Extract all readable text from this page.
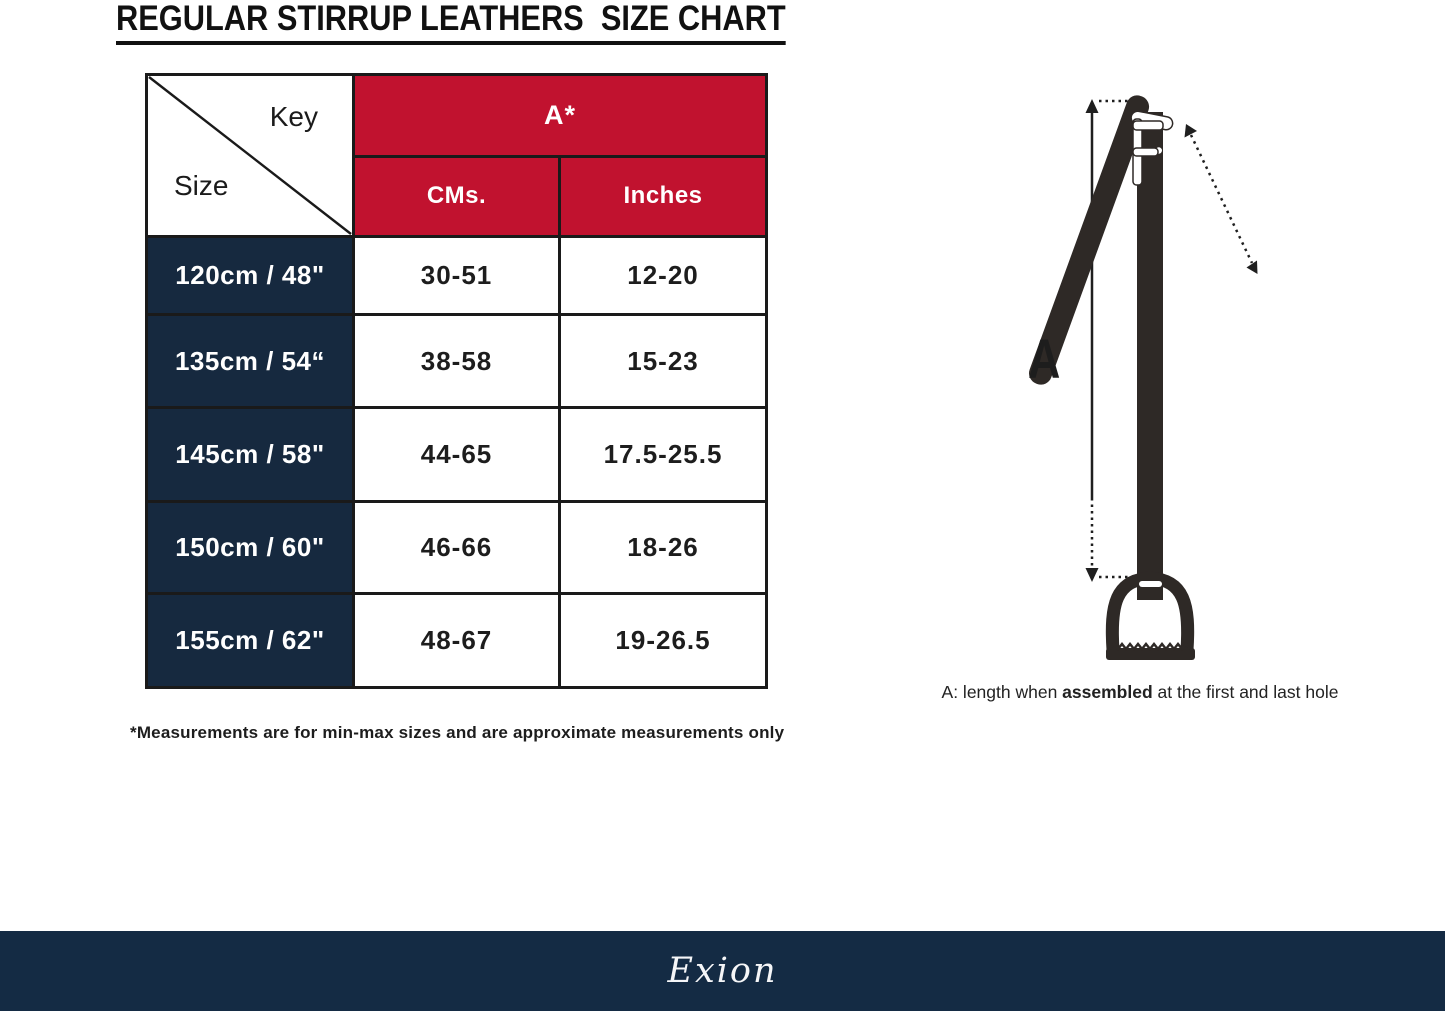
REGULAR STIRRUP LEATHERS  SIZE CHART
Key
Size	A*	
	CMs.	Inches
120cm / 48"	30-51	12-20
135cm / 54“	38-58	15-23
145cm / 58"	44-65	17.5-25.5
150cm / 60"	46-66	18-26
155cm / 62"	48-67	19-26.5
*Measurements are for min-max sizes and are approximate measurements only
A
A: length when assembled at the first and last hole
Exion
